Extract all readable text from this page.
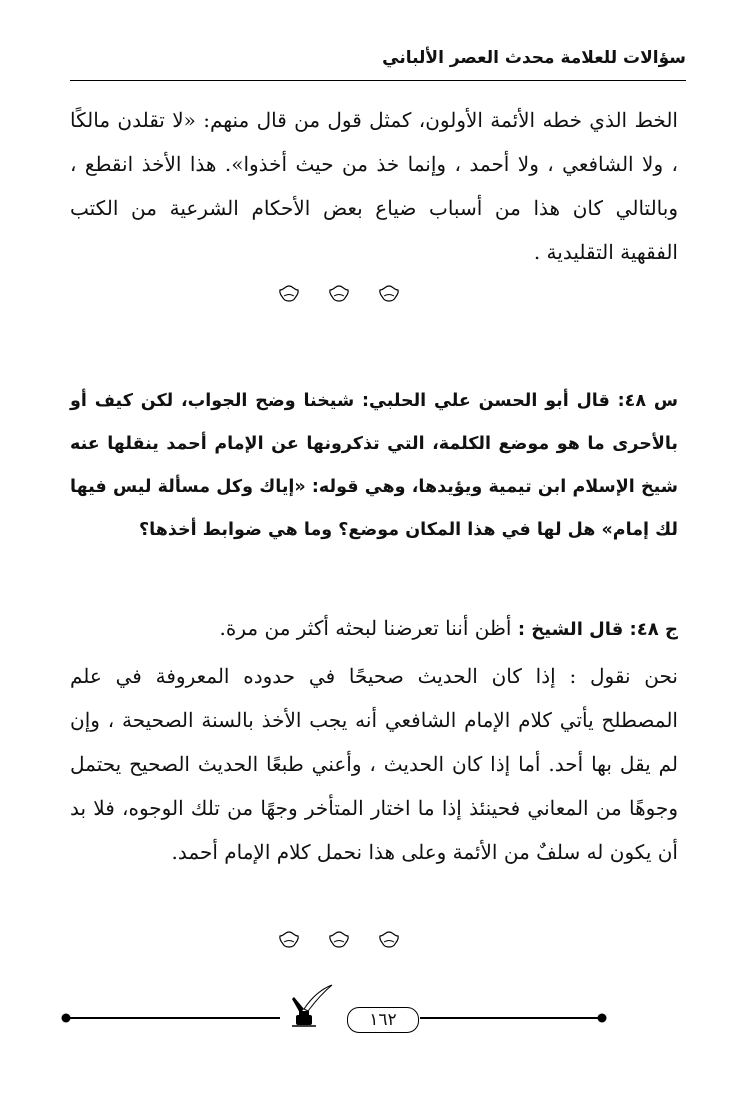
سؤالات للعلامة محدث العصر الألباني

الخط الذي خطه الأئمة الأولون، كمثل قول من قال منهم: «لا تقلدن مالكًا ، ولا الشافعي ، ولا أحمد ، وإنما خذ من حيث أخذوا». هذا الأخذ انقطع ، وبالتالي كان هذا من أسباب ضياع بعض الأحكام الشرعية من الكتب الفقهية التقليدية .

س ٤٨: قال أبو الحسن علي الحلبي: شيخنا وضح الجواب، لكن كيف أو بالأحرى ما هو موضع الكلمة، التي تذكرونها عن الإمام أحمد ينقلها عنه شيخ الإسلام ابن تيمية ويؤيدها، وهي قوله: «إياك وكل مسألة ليس فيها لك إمام» هل لها في هذا المكان موضع؟ وما هي ضوابط أخذها؟

ج ٤٨: قال الشيخ : أظن أننا تعرضنا لبحثه أكثر من مرة.

نحن نقول : إذا كان الحديث صحيحًا في حدوده المعروفة في علم المصطلح يأتي كلام الإمام الشافعي أنه يجب الأخذ بالسنة الصحيحة ، وإن لم يقل بها أحد. أما إذا كان الحديث ، وأعني طبعًا الحديث الصحيح يحتمل وجوهًا من المعاني فحينئذ إذا ما اختار المتأخر وجهًا من تلك الوجوه، فلا بد أن يكون له سلفٌ من الأئمة وعلى هذا نحمل كلام الإمام أحمد.

١٦٢
